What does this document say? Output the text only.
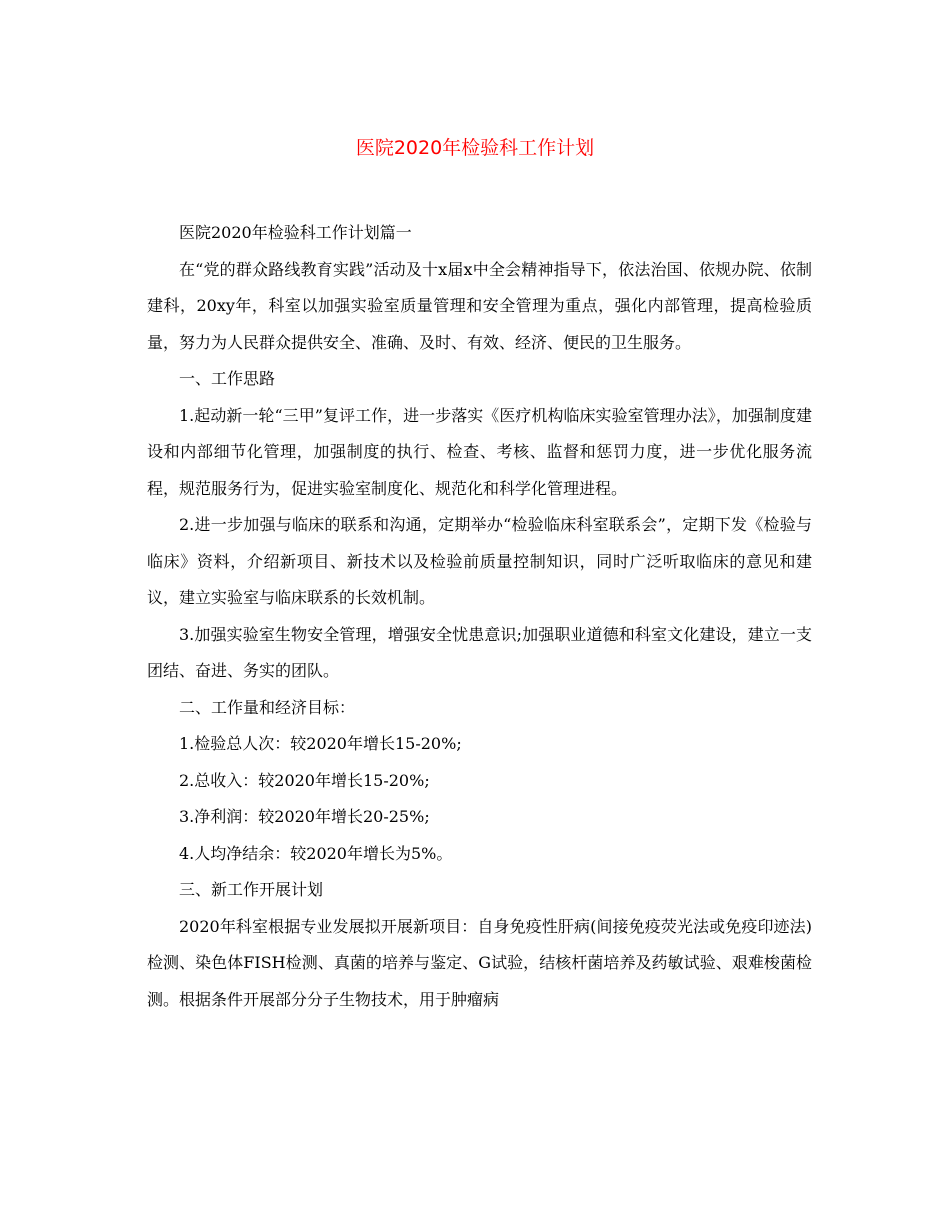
医院2020年检验科工作计划

医院2020年检验科工作计划篇一

在“党的群众路线教育实践”活动及十x届x中全会精神指导下，依法治国、依规办院、依制建科，20xy年，科室以加强实验室质量管理和安全管理为重点，强化内部管理，提高检验质量，努力为人民群众提供安全、准确、及时、有效、经济、便民的卫生服务。

一、工作思路

1.起动新一轮“三甲”复评工作，进一步落实《医疗机构临床实验室管理办法》，加强制度建设和内部细节化管理，加强制度的执行、检查、考核、监督和惩罚力度，进一步优化服务流程，规范服务行为，促进实验室制度化、规范化和科学化管理进程。

2.进一步加强与临床的联系和沟通，定期举办“检验临床科室联系会”，定期下发《检验与临床》资料，介绍新项目、新技术以及检验前质量控制知识，同时广泛听取临床的意见和建议，建立实验室与临床联系的长效机制。

3.加强实验室生物安全管理，增强安全忧患意识;加强职业道德和科室文化建设，建立一支团结、奋进、务实的团队。

二、工作量和经济目标：

1.检验总人次：较2020年增长15-20%;

2.总收入：较2020年增长15-20%;

3.净利润：较2020年增长20-25%;

4.人均净结余：较2020年增长为5%。

三、新工作开展计划

2020年科室根据专业发展拟开展新项目：自身免疫性肝病(间接免疫荧光法或免疫印迹法)检测、染色体FISH检测、真菌的培养与鉴定、G试验，结核杆菌培养及药敏试验、艰难梭菌检测。根据条件开展部分分子生物技术，用于肿瘤病
